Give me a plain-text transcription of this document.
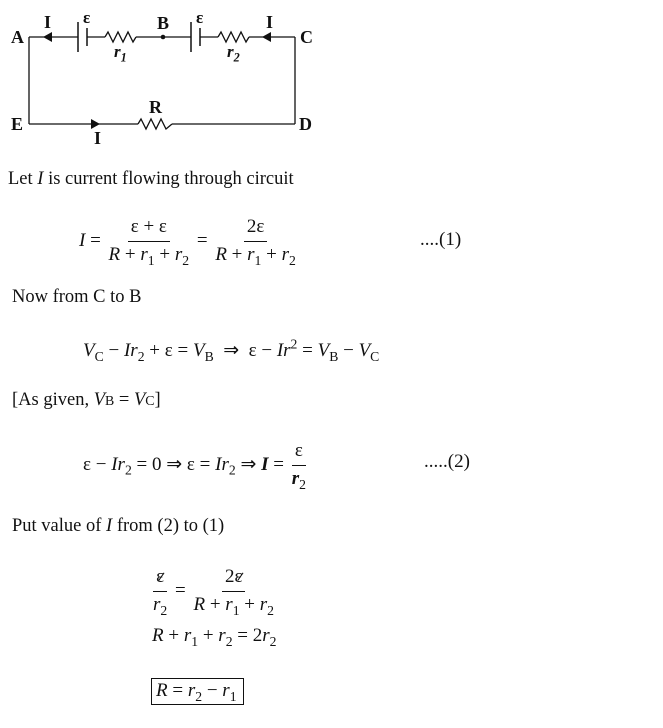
A
I ε
$r_1$
B ε
$r_2$
I
C
E
R
D
I
Let I is current flowing through circuit
$I = \frac{\varepsilon + \varepsilon}{R + r_1 + r_2} = \frac{2\varepsilon}{R + r_1 + r_2}$	....(1)
Now from C to B
$V_C - Ir_2 + \varepsilon = V_B$  ⇒  $\varepsilon - Ir^2 = V_B - V_C$
[As given, VB = VC]
$\varepsilon - Ir_2 = 0$ ⇒ $\varepsilon = Ir_2$ ⇒ $I = \frac{\varepsilon}{r_2}$	.....(2)
Put value of I from (2) to (1)
$\frac{\varepsilon}{r_2} = \frac{2\varepsilon}{R + r_1 + r_2}$
$R + r_1 + r_2 = 2r_2$
$R = r_2 - r_1$
